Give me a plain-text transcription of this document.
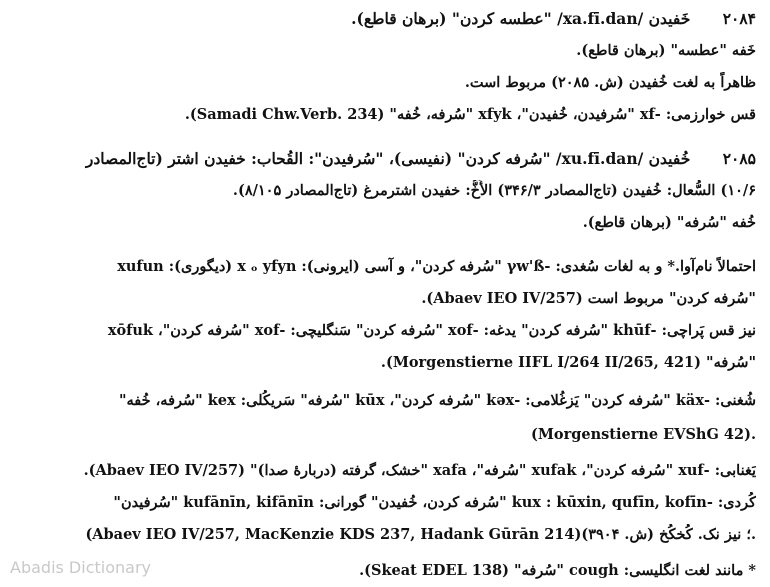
۲۰۸۴      خَفیدن /xa.fī.dan/ "عطسه کردن" (برهان قاطع).
خَفه "عطسه" (برهان قاطع).
ظاهراً به لغت خُفیدن (ش. ۲۰۸۵) مربوط است.
قس خوارزمی: -xf "سُرفیدن، خُفیدن"، xfyk "سُرفه، خُفه" (Samadi Chw.Verb. 234).
۲۰۸۵      خُفیدن /xu.fī.dan/ "سُرفه کردن" (نفیسی)، "سُرفیدن": القُحاب: خفیدن اشتر (تاج‌المصادر
۱۰/۶) السُّعال: خُفیدن (تاج‌المصادر ۳۴۶/۳) الأَخُّ: خفیدن اشترمرغ (تاج‌المصادر ۸/۱۰۵).
خُفه "سُرفه" (برهان قاطع).
احتمالاً نام‌آوا.* و به لغات سُغدی: -γw'ß "سُرفه کردن"، و آسی (ایرونی): x ₒ yfyn (دیگوری): xufun
"سُرفه کردن" مربوط است (Abaev IEO IV/257).
نیز قس پَراچی: -khūf "سُرفه کردن" یدغه: -xof "سُرفه کردن" سَنگلیچی: -xof "سُرفه کردن"، xōfuk
"سُرفه" (Morgenstierne IIFL I/264 II/265, 421).
شُغنی: -käx "سُرفه کردن" یَزغُلامی: -kəx "سُرفه کردن"، kūx "سُرفه" سَریکُلی: kex "سُرفه، خُفه"
(Morgenstierne EVShG 42).
یَغنابی: -xuf "سُرفه کردن"، xufak "سُرفه"، xafa "خشک، گرفته (دربارهٔ صدا)" (Abaev IEO IV/257).
کُردی: -kux : kūxin, qufīn, kofīn "سُرفه کردن، خُفیدن" گورانی: kufānīn, kifānīn "سُرفیدن"
(Abaev IEO IV/257, MacKenzie KDS 237, Hadank Gūrān 214)؛ نیز نک. کُخکُخ (ش. ۳۹۰۴).
* مانند لغت انگلیسی: cough "سُرفه" (Skeat EDEL 138).
Abadis Dictionary
